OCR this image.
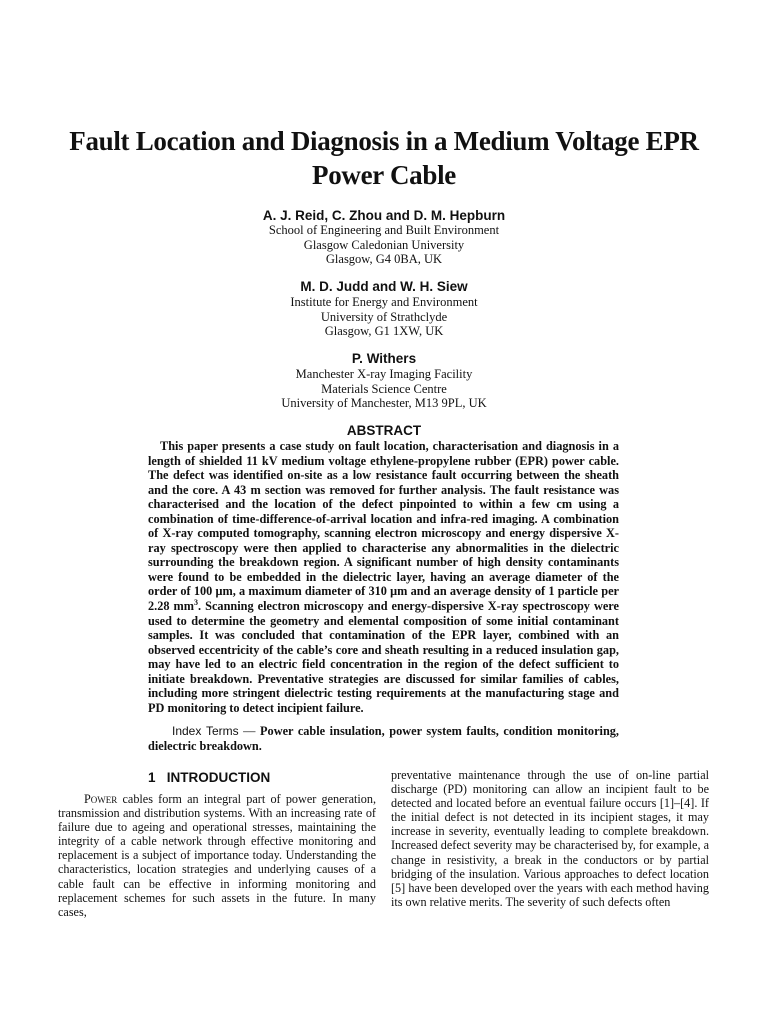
Fault Location and Diagnosis in a Medium Voltage EPR Power Cable
A. J. Reid, C. Zhou and D. M. Hepburn
School of Engineering and Built Environment
Glasgow Caledonian University
Glasgow, G4 0BA, UK
M. D. Judd and W. H. Siew
Institute for Energy and Environment
University of Strathclyde
Glasgow, G1 1XW, UK
P. Withers
Manchester X-ray Imaging Facility
Materials Science Centre
University of Manchester, M13 9PL, UK
ABSTRACT

This paper presents a case study on fault location, characterisation and diagnosis in a length of shielded 11 kV medium voltage ethylene-propylene rubber (EPR) power cable. The defect was identified on-site as a low resistance fault occurring between the sheath and the core. A 43 m section was removed for further analysis. The fault resistance was characterised and the location of the defect pinpointed to within a few cm using a combination of time-difference-of-arrival location and infra-red imaging. A combination of X-ray computed tomography, scanning electron microscopy and energy dispersive X-ray spectroscopy were then applied to characterise any abnormalities in the dielectric surrounding the breakdown region. A significant number of high density contaminants were found to be embedded in the dielectric layer, having an average diameter of the order of 100 μm, a maximum diameter of 310 μm and an average density of 1 particle per 2.28 $mm^3$. Scanning electron microscopy and energy-dispersive X-ray spectroscopy were used to determine the geometry and elemental composition of some initial contaminant samples. It was concluded that contamination of the EPR layer, combined with an observed eccentricity of the cable’s core and sheath resulting in a reduced insulation gap, may have led to an electric field concentration in the region of the defect sufficient to initiate breakdown. Preventative strategies are discussed for similar families of cables, including more stringent dielectric testing requirements at the manufacturing stage and PD monitoring to detect incipient failure.

Index Terms — Power cable insulation, power system faults, condition monitoring, dielectric breakdown.

1   INTRODUCTION

Power cables form an integral part of power generation, transmission and distribution systems. With an increasing rate of failure due to ageing and operational stresses, maintaining the integrity of a cable network through effective monitoring and replacement is a subject of importance today. Understanding the characteristics, location strategies and underlying causes of a cable fault can be effective in informing monitoring and replacement schemes for such assets in the future. In many cases,

preventative maintenance through the use of on-line partial discharge (PD) monitoring can allow an incipient fault to be detected and located before an eventual failure occurs [1]–[4]. If the initial defect is not detected in its incipient stages, it may increase in severity, eventually leading to complete breakdown. Increased defect severity may be characterised by, for example, a change in resistivity, a break in the conductors or by partial bridging of the insulation. Various approaches to defect location [5] have been developed over the years with each method having its own relative merits. The severity of such defects often
